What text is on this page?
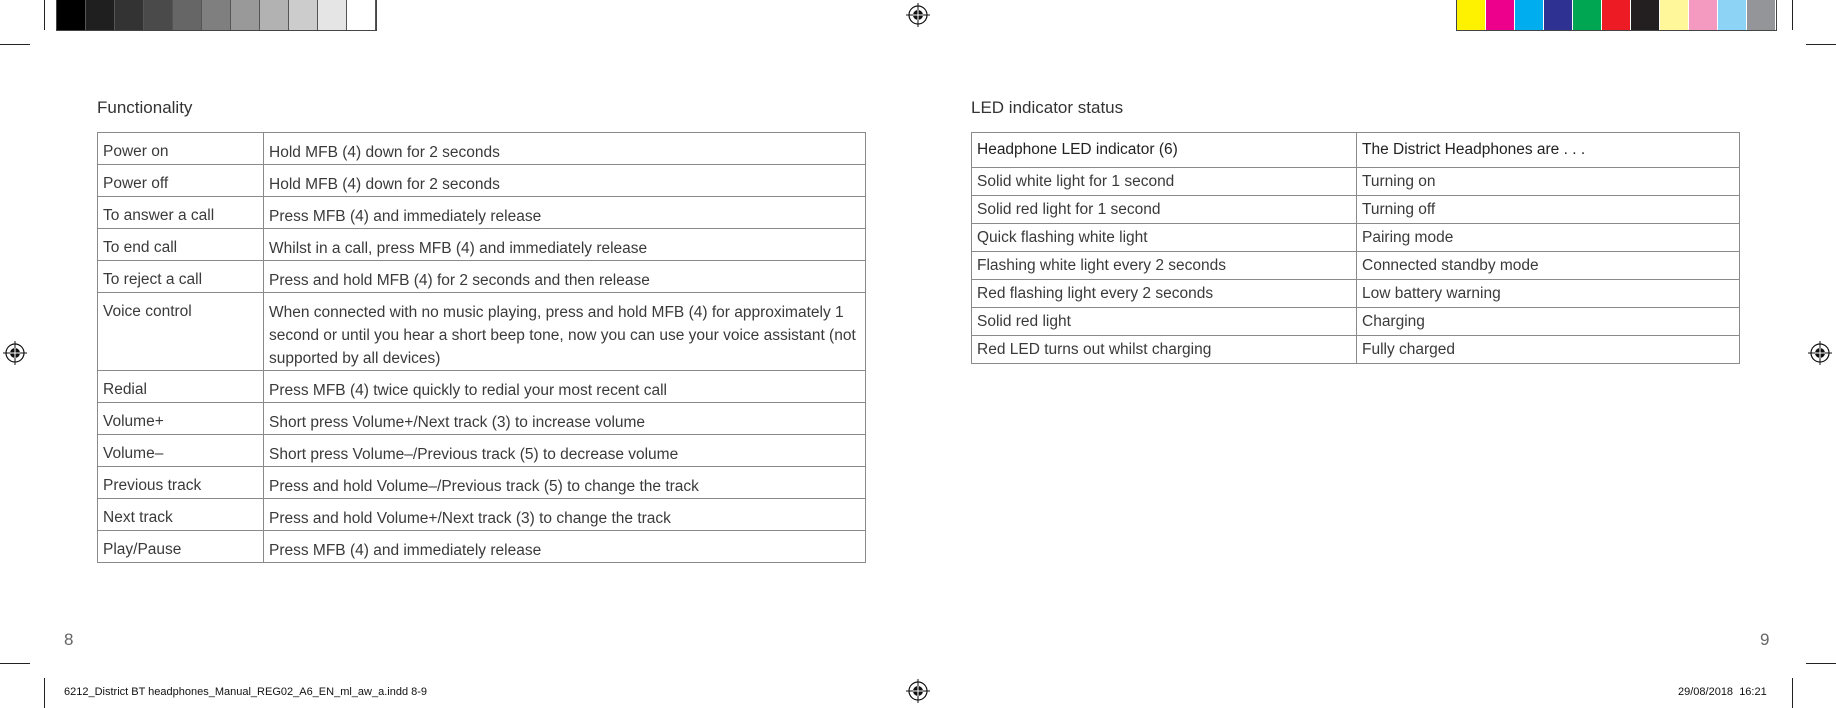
Functionality
Power on	Hold MFB (4) down for 2 seconds
Power off	Hold MFB (4) down for 2 seconds
To answer a call	Press MFB (4) and immediately release
To end call	Whilst in a call, press MFB (4) and immediately release
To reject a call	Press and hold MFB (4) for 2 seconds and then release
Voice control	When connected with no music playing, press and hold MFB (4) for approximately 1 second or until you hear a short beep tone, now you can use your voice assistant (not supported by all devices)
Redial	Press MFB (4) twice quickly to redial your most recent call
Volume+	Short press Volume+/Next track (3) to increase volume
Volume–	Short press Volume–/Previous track (5) to decrease volume
Previous track	Press and hold Volume–/Previous track (5) to change the track
Next track	Press and hold Volume+/Next track (3) to change the track
Play/Pause	Press MFB (4) and immediately release
LED indicator status
Headphone LED indicator (6)	The District Headphones are . . .
Solid white light for 1 second	Turning on
Solid red light for 1 second	Turning off
Quick flashing white light	Pairing mode
Flashing white light every 2 seconds	Connected standby mode
Red flashing light every 2 seconds	Low battery warning
Solid red light	Charging
Red LED turns out whilst charging	Fully charged
8	9
6212_District BT headphones_Manual_REG02_A6_EN_ml_aw_a.indd 8-9	29/08/2018 16:21
